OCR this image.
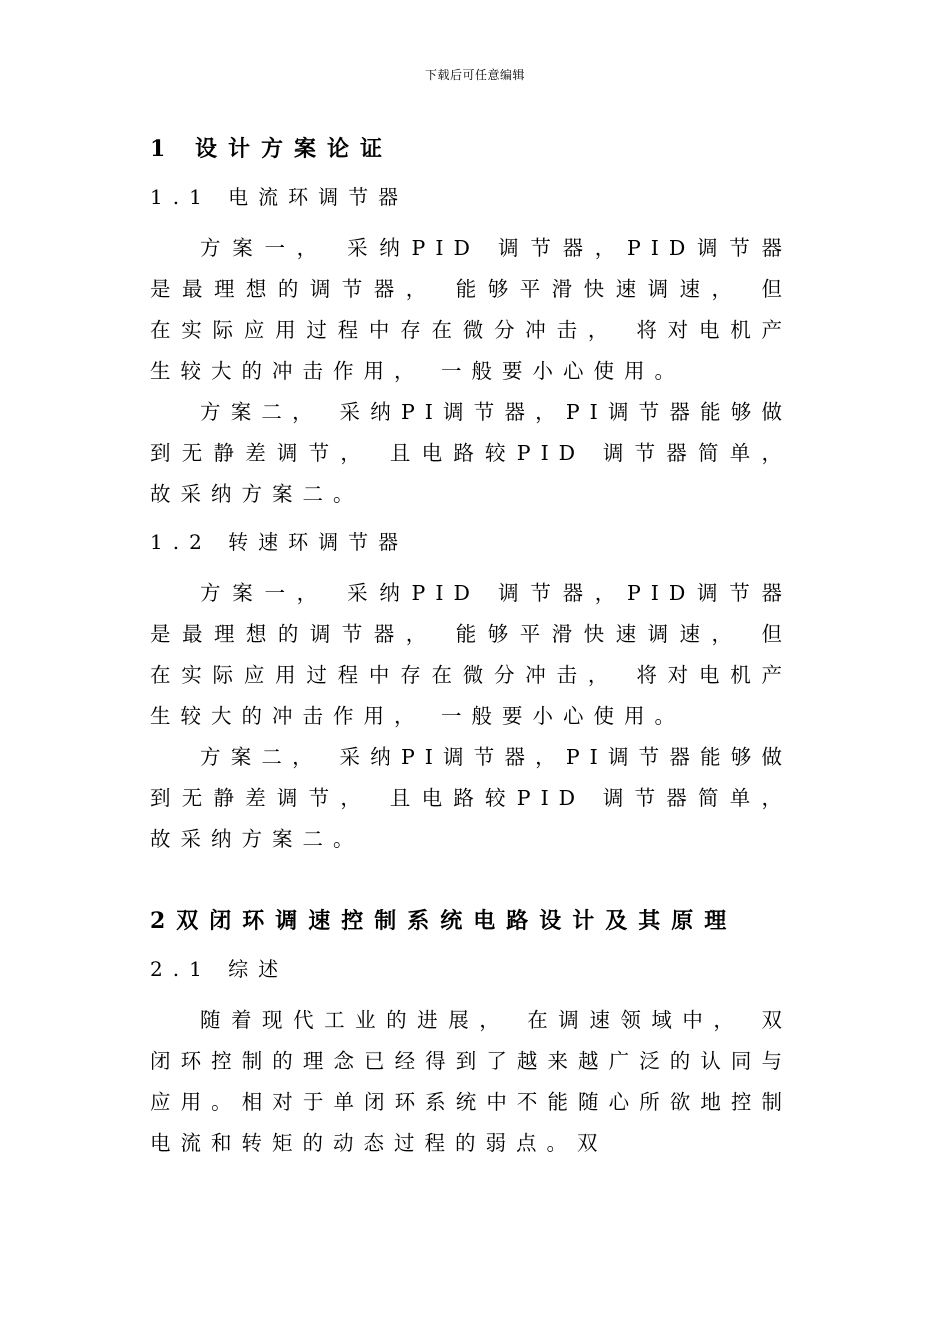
下载后可任意编辑
1 设计方案论证
1.1 电流环调节器

方案一， 采纳PID 调节器，PID调节器是最理想的调节器， 能够平滑快速调速， 但在实际应用过程中存在微分冲击， 将对电机产生较大的冲击作用， 一般要小心使用。

方案二， 采纳PI调节器，PI调节器能够做到无静差调节， 且电路较PID 调节器简单， 故采纳方案二。

1.2 转速环调节器

方案一， 采纳PID 调节器，PID调节器是最理想的调节器， 能够平滑快速调速， 但在实际应用过程中存在微分冲击， 将对电机产生较大的冲击作用， 一般要小心使用。

方案二， 采纳PI调节器，PI调节器能够做到无静差调节， 且电路较PID 调节器简单， 故采纳方案二。

2双闭环调速控制系统电路设计及其原理
2.1 综述

随着现代工业的进展， 在调速领域中， 双闭环控制的理念已经得到了越来越广泛的认同与应用。相对于单闭环系统中不能随心所欲地控制电流和转矩的动态过程的弱点。双
